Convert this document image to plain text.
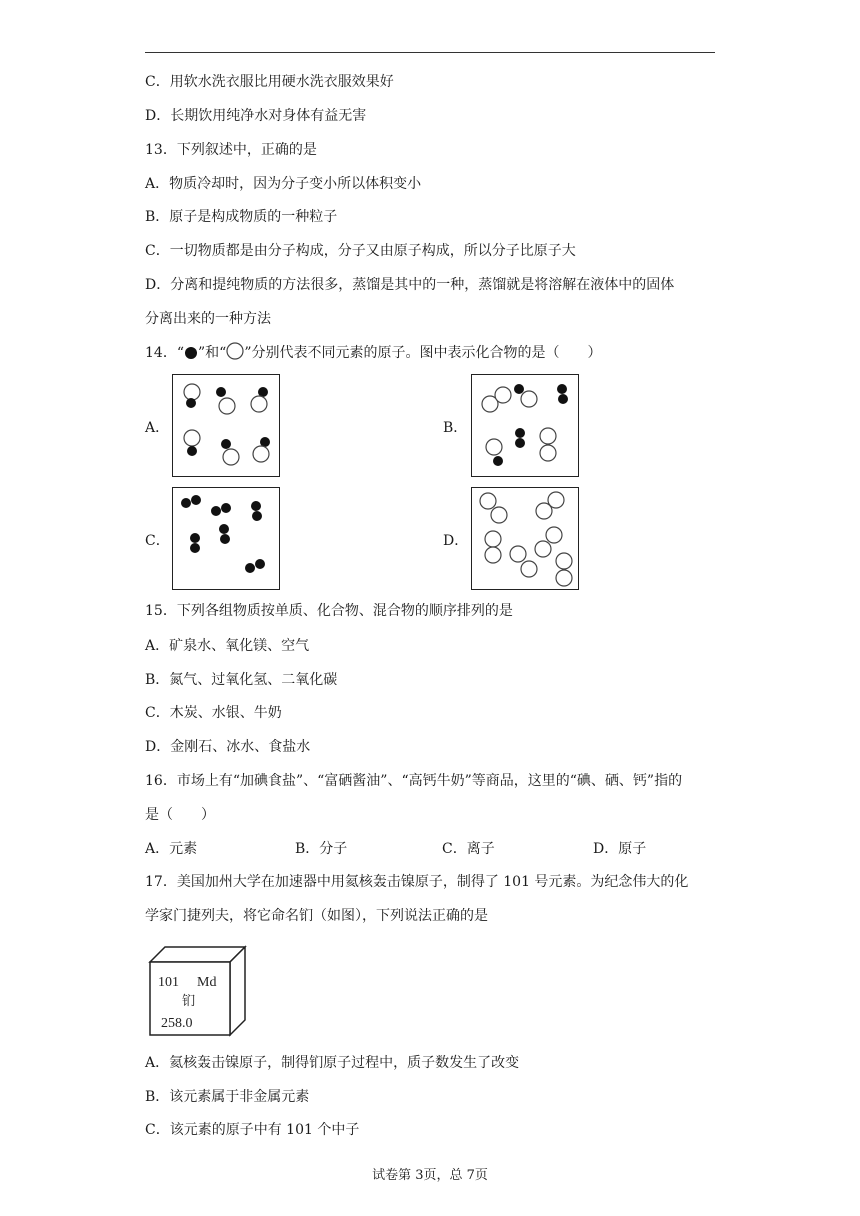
C．用软水洗衣服比用硬水洗衣服效果好
D．长期饮用纯净水对身体有益无害
13．下列叙述中，正确的是
A．物质冷却时，因为分子变小所以体积变小
B．原子是构成物质的一种粒子
C．一切物质都是由分子构成，分子又由原子构成，所以分子比原子大
D．分离和提纯物质的方法很多，蒸馏是其中的一种，蒸馏就是将溶解在液体中的固体
分离出来的一种方法
14．“ ”和“ ”分别代表不同元素的原子。图中表示化合物的是（　　）
A．	B．
C．	D．
15．下列各组物质按单质、化合物、混合物的顺序排列的是
A．矿泉水、氧化镁、空气
B．氮气、过氧化氢、二氧化碳
C．木炭、水银、牛奶
D．金刚石、冰水、食盐水
16．市场上有“加碘食盐”、“富硒酱油”、“高钙牛奶”等商品，这里的“碘、硒、钙”指的
是（　　）
A．元素	B．分子	C．离子	D．原子
17．美国加州大学在加速器中用氦核轰击镍原子，制得了 101 号元素。为纪念伟大的化
学家门捷列夫，将它命名钔（如图），下列说法正确的是
101 Md
钔
258.0
A．氦核轰击镍原子，制得钔原子过程中，质子数发生了改变
B．该元素属于非金属元素
C．该元素的原子中有 101 个中子
试卷第 3页，总 7页
